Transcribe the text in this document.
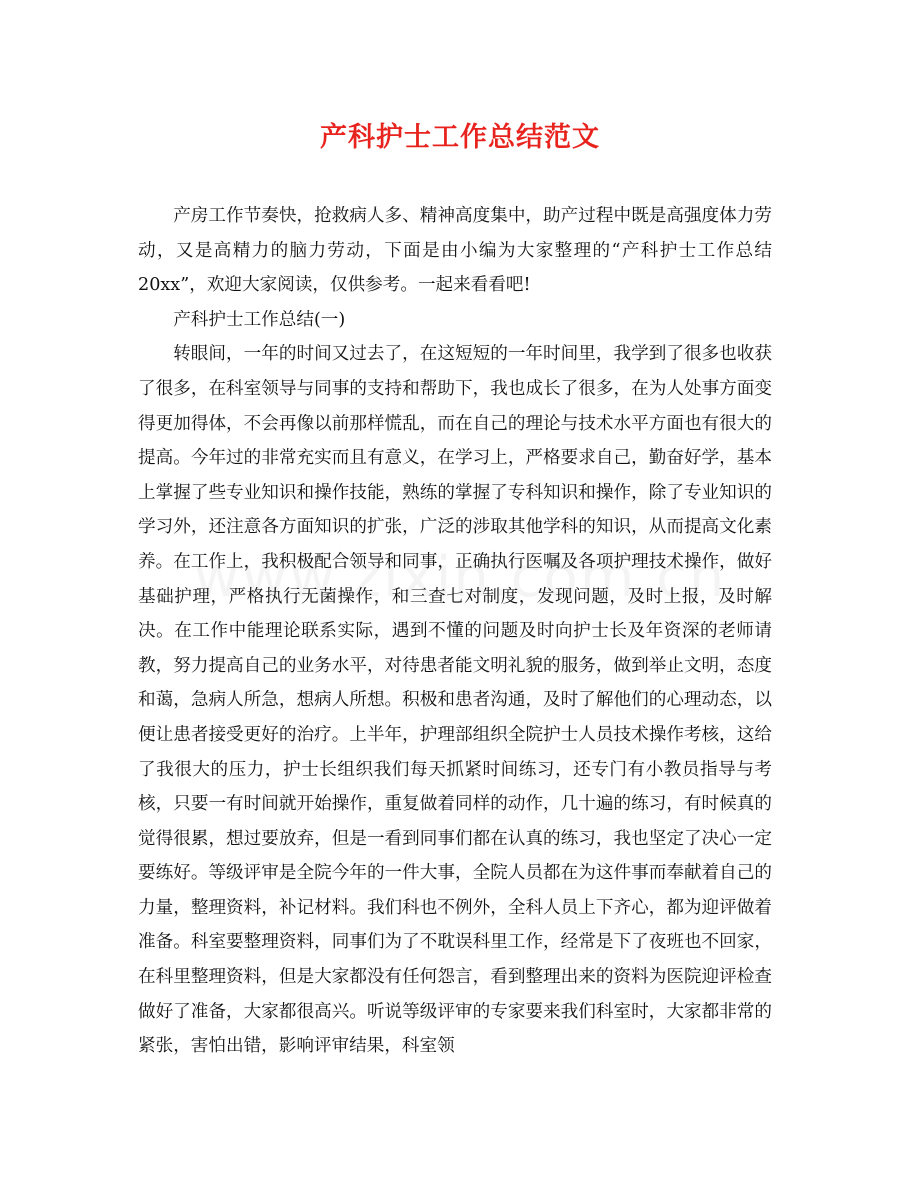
产科护士工作总结范文

产房工作节奏快，抢救病人多、精神高度集中，助产过程中既是高强度体力劳动，又是高精力的脑力劳动，下面是由小编为大家整理的“产科护士工作总结20xx”，欢迎大家阅读，仅供参考。一起来看看吧!

产科护士工作总结(一)

转眼间，一年的时间又过去了，在这短短的一年时间里，我学到了很多也收获了很多，在科室领导与同事的支持和帮助下，我也成长了很多，在为人处事方面变得更加得体，不会再像以前那样慌乱，而在自己的理论与技术水平方面也有很大的提高。今年过的非常充实而且有意义，在学习上，严格要求自己，勤奋好学，基本上掌握了些专业知识和操作技能，熟练的掌握了专科知识和操作，除了专业知识的学习外，还注意各方面知识的扩张，广泛的涉取其他学科的知识，从而提高文化素养。在工作上，我积极配合领导和同事，正确执行医嘱及各项护理技术操作，做好基础护理，严格执行无菌操作，和三查七对制度，发现问题，及时上报，及时解决。在工作中能理论联系实际，遇到不懂的问题及时向护士长及年资深的老师请教，努力提高自己的业务水平，对待患者能文明礼貌的服务，做到举止文明，态度和蔼，急病人所急，想病人所想。积极和患者沟通，及时了解他们的心理动态，以便让患者接受更好的治疗。上半年，护理部组织全院护士人员技术操作考核，这给了我很大的压力，护士长组织我们每天抓紧时间练习，还专门有小教员指导与考核，只要一有时间就开始操作，重复做着同样的动作，几十遍的练习，有时候真的觉得很累，想过要放弃，但是一看到同事们都在认真的练习，我也坚定了决心一定要练好。等级评审是全院今年的一件大事，全院人员都在为这件事而奉献着自己的力量，整理资料，补记材料。我们科也不例外，全科人员上下齐心，都为迎评做着准备。科室要整理资料，同事们为了不耽误科里工作，经常是下了夜班也不回家，在科里整理资料，但是大家都没有任何怨言，看到整理出来的资料为医院迎评检查做好了准备，大家都很高兴。听说等级评审的专家要来我们科室时，大家都非常的紧张，害怕出错，影响评审结果，科室领
